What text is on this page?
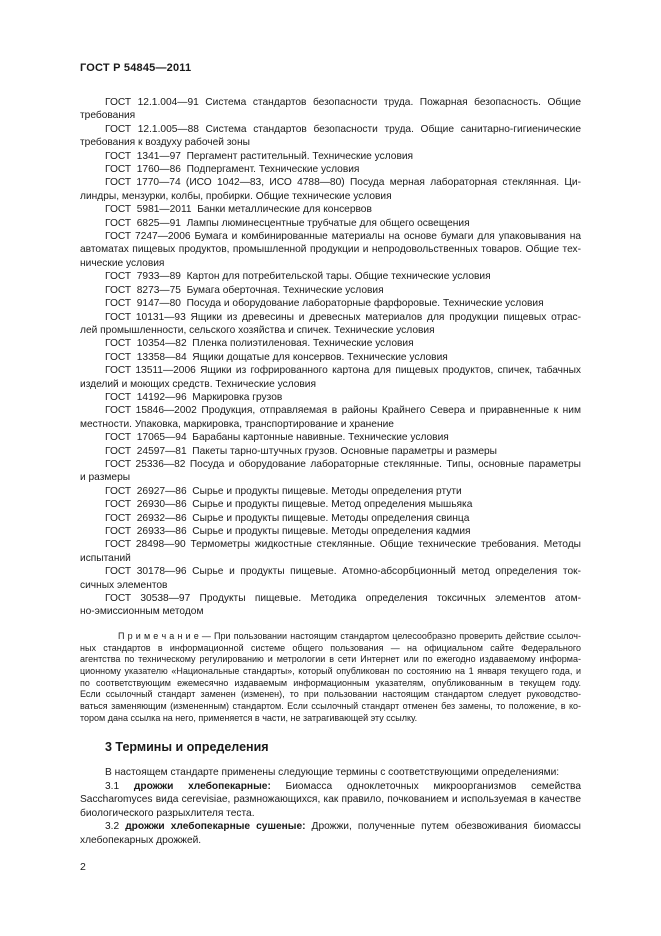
ГОСТ Р 54845—2011
ГОСТ 12.1.004—91 Система стандартов безопасности труда. Пожарная безопасность. Общие
требования
ГОСТ 12.1.005—88 Система стандартов безопасности труда. Общие санитарно-гигиенические
требования к воздуху рабочей зоны
ГОСТ  1341—97  Пергамент растительный. Технические условия
ГОСТ  1760—86  Подпергамент. Технические условия
ГОСТ 1770—74 (ИСО 1042—83, ИСО 4788—80) Посуда мерная лабораторная стеклянная. Ци-
линдры, мензурки, колбы, пробирки. Общие технические условия
ГОСТ  5981—2011  Банки металлические для консервов
ГОСТ  6825—91  Лампы люминесцентные трубчатые для общего освещения
ГОСТ 7247—2006 Бумага и комбинированные материалы на основе бумаги для упаковывания на
автоматах пищевых продуктов, промышленной продукции и непродовольственных товаров. Общие тех-
нические условия
ГОСТ  7933—89  Картон для потребительской тары. Общие технические условия
ГОСТ  8273—75  Бумага оберточная. Технические условия
ГОСТ  9147—80  Посуда и оборудование лабораторные фарфоровые. Технические условия
ГОСТ 10131—93 Ящики из древесины и древесных материалов для продукции пищевых отрас-
лей промышленности, сельского хозяйства и спичек. Технические условия
ГОСТ  10354—82  Пленка полиэтиленовая. Технические условия
ГОСТ  13358—84  Ящики дощатые для консервов. Технические условия
ГОСТ 13511—2006 Ящики из гофрированного картона для пищевых продуктов, спичек, табачных
изделий и моющих средств. Технические условия
ГОСТ  14192—96  Маркировка грузов
ГОСТ 15846—2002 Продукция, отправляемая в районы Крайнего Севера и приравненные к ним
местности. Упаковка, маркировка, транспортирование и хранение
ГОСТ  17065—94  Барабаны картонные навивные. Технические условия
ГОСТ  24597—81  Пакеты тарно-штучных грузов. Основные параметры и размеры
ГОСТ 25336—82 Посуда и оборудование лабораторные стеклянные. Типы, основные параметры
и размеры
ГОСТ  26927—86  Сырье и продукты пищевые. Методы определения ртути
ГОСТ  26930—86  Сырье и продукты пищевые. Метод определения мышьяка
ГОСТ  26932—86  Сырье и продукты пищевые. Методы определения свинца
ГОСТ  26933—86  Сырье и продукты пищевые. Методы определения кадмия
ГОСТ 28498—90 Термометры жидкостные стеклянные. Общие технические требования. Методы
испытаний
ГОСТ 30178—96 Сырье и продукты пищевые. Атомно-абсорбционный метод определения ток-
сичных элементов
ГОСТ 30538—97 Продукты пищевые. Методика определения токсичных элементов атом-
но-эмиссионным методом
П р и м е ч а н и е — При пользовании настоящим стандартом целесообразно проверить действие ссылоч-
ных стандартов в информационной системе общего пользования — на официальном сайте Федерального
агентства по техническому регулированию и метрологии в сети Интернет или по ежегодно издаваемому информа-
ционному указателю «Национальные стандарты», который опубликован по состоянию на 1 января текущего года, и
по соответствующим ежемесячно издаваемым информационным указателям, опубликованным в текущем году.
Если ссылочный стандарт заменен (изменен), то при пользовании настоящим стандартом следует руководство-
ваться заменяющим (измененным) стандартом. Если ссылочный стандарт отменен без замены, то положение, в ко-
тором дана ссылка на него, применяется в части, не затрагивающей эту ссылку.
3 Термины и определения
В настоящем стандарте применены следующие термины с соответствующими определениями:
3.1 дрожжи хлебопекарные: Биомасса одноклеточных микроорганизмов семейства
Saccharomyces вида cerevisiae, размножающихся, как правило, почкованием и используемая в качестве
биологического разрыхлителя теста.
3.2 дрожжи хлебопекарные сушеные: Дрожжи, полученные путем обезвоживания биомассы
хлебопекарных дрожжей.
2
